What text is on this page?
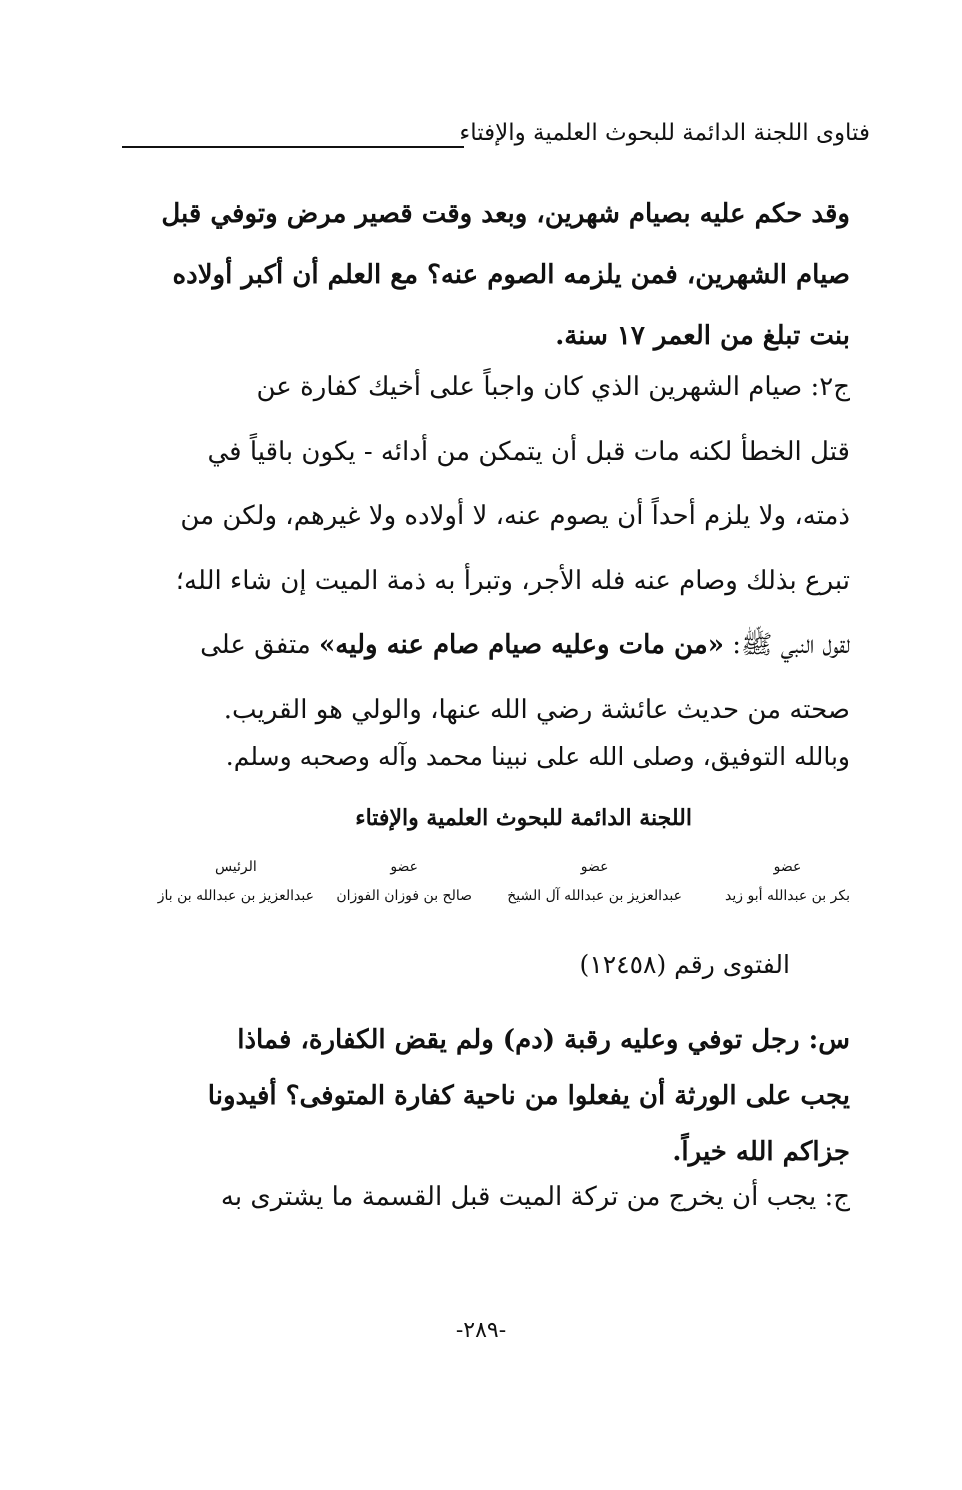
فتاوى اللجنة الدائمة للبحوث العلمية والإفتاء
وقد حكم عليه بصيام شهرين، وبعد وقت قصير مرض وتوفي قبل
صيام الشهرين، فمن يلزمه الصوم عنه؟ مع العلم أن أكبر أولاده
بنت تبلغ من العمر ١٧ سنة.
ج٢: صيام الشهرين الذي كان واجباً على أخيك كفارة عن
قتل الخطأ لكنه مات قبل أن يتمكن من أدائه - يكون باقياً في
ذمته، ولا يلزم أحداً أن يصوم عنه، لا أولاده ولا غيرهم، ولكن من
تبرع بذلك وصام عنه فله الأجر، وتبرأ به ذمة الميت إن شاء الله؛
لقول النبي ﷺ: «من مات وعليه صيام صام عنه وليه» متفق على
صحته من حديث عائشة رضي الله عنها، والولي هو القريب.
وبالله التوفيق، وصلى الله على نبينا محمد وآله وصحبه وسلم.
اللجنة الدائمة للبحوث العلمية والإفتاء
عضو
بكر بن عبدالله أبو زيد
عضو
عبدالعزيز بن عبدالله آل الشيخ
عضو
صالح بن فوزان الفوزان
الرئيس
عبدالعزيز بن عبدالله بن باز
الفتوى رقم (١٢٤٥٨)
س: رجل توفي وعليه رقبة (دم) ولم يقض الكفارة، فماذا
يجب على الورثة أن يفعلوا من ناحية كفارة المتوفى؟ أفيدونا
جزاكم الله خيراً.
ج: يجب أن يخرج من تركة الميت قبل القسمة ما يشترى به
-٢٨٩-
